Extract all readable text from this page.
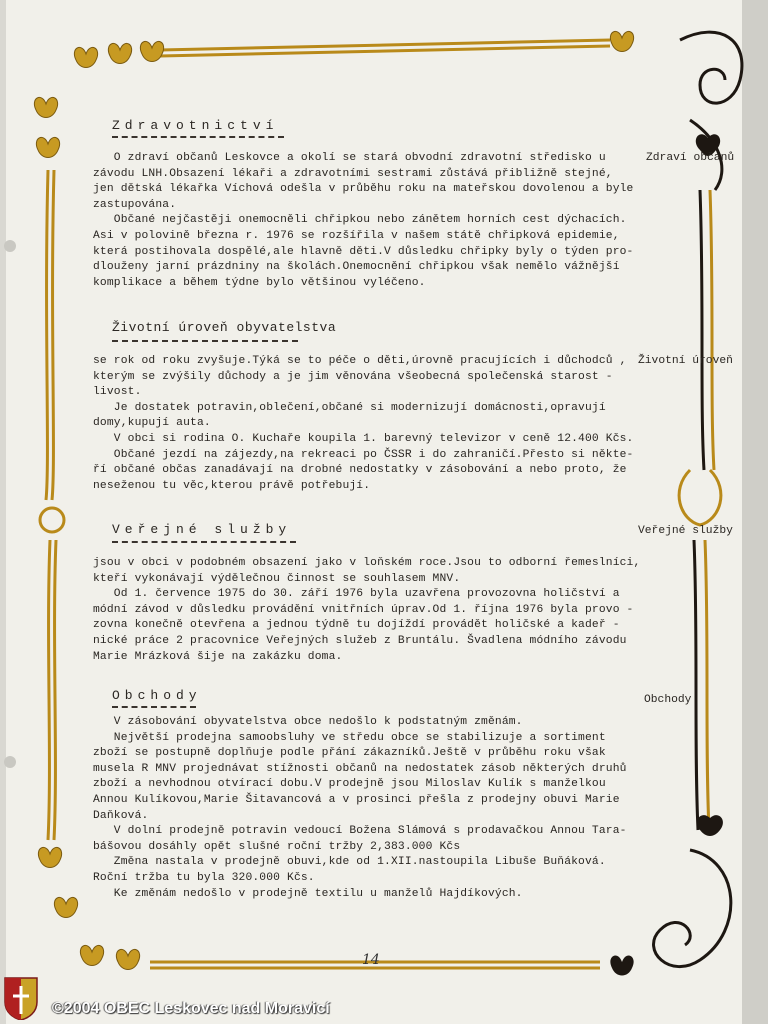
Zdravotnictví
Zdraví občanů
O zdraví občanů Leskovce a okolí se stará obvodní zdravotní středisko u
závodu LNH.Obsazení lékaři a zdravotními sestrami zůstává přibližně stejné,
jen dětská lékařka Víchová odešla v průběhu roku na mateřskou dovolenou a byle
zastupována.
Občané nejčastěji onemocněli chřipkou nebo zánětem horních cest dýchacích.
Asi v polovině března r. 1976 se rozšířila v našem státě chřipková epidemie,
která postihovala dospělé,ale hlavně děti.V důsledku chřipky byly o týden pro-
dlouženy jarní prázdniny na školách.Onemocnění chřipkou však nemělo vážnější
komplikace a během týdne bylo většinou vyléčeno.
Životní úroveň obyvatelstva
Životní úroveň
se rok od roku zvyšuje.Týká se to péče o děti,úrovně pracujících i důchodců ,
kterým se zvýšily důchody a je jim věnována všeobecná společenská starost -
livost.
Je dostatek potravin,oblečení,občané si modernizují domácnosti,opravují
domy,kupují auta.
V obci si rodina O. Kuchaře koupila 1. barevný televizor v ceně 12.400 Kčs.
Občané jezdí na zájezdy,na rekreaci po ČSSR i do zahraničí.Přesto si někte-
ří občané občas zanadávají na drobné nedostatky v zásobování a nebo proto, že
neseženou tu věc,kterou právě potřebují.
Veřejné služby	Veřejné služby
jsou v obci v podobném obsazení jako v loňském roce.Jsou to odborní řemeslníci,
kteří vykonávají výdělečnou činnost se souhlasem MNV.
Od 1. července 1975 do 30. září 1976 byla uzavřena provozovna holičství a
módní závod v důsledku provádění vnitřních úprav.Od 1. října 1976 byla provo -
zovna konečně otevřena a jednou týdně tu dojíždí provádět holičské a kadeř -
nické práce 2 pracovnice Veřejných služeb z Bruntálu. Švadlena módního závodu
Marie Mrázková šije na zakázku doma.
Obchody	Obchody
V zásobování obyvatelstva obce nedošlo k podstatným změnám.
Největší prodejna samoobsluhy ve středu obce se stabilizuje a sortiment
zboží se postupně doplňuje podle přání zákazníků.Ještě v průběhu roku však
musela R MNV projednávat stížnosti občanů na nedostatek zásob některých druhů
zboží a nevhodnou otvírací dobu.V prodejně jsou Miloslav Kulík s manželkou
Annou Kulíkovou,Marie Šitavancová a v prosinci přešla z prodejny obuvi Marie
Daňková.
V dolní prodejně potravin vedoucí Božena Slámová s prodavačkou Annou Tara-
bášovou dosáhly opět slušné roční tržby 2,383.000 Kčs
Změna nastala v prodejně obuvi,kde od 1.XII.nastoupila Libuše Buňáková.
Roční tržba tu byla 320.000 Kčs.
Ke změnám nedošlo v prodejně textilu u manželů Hajdíkových.
14
©2004 OBEC Leskovec nad Moravicí
